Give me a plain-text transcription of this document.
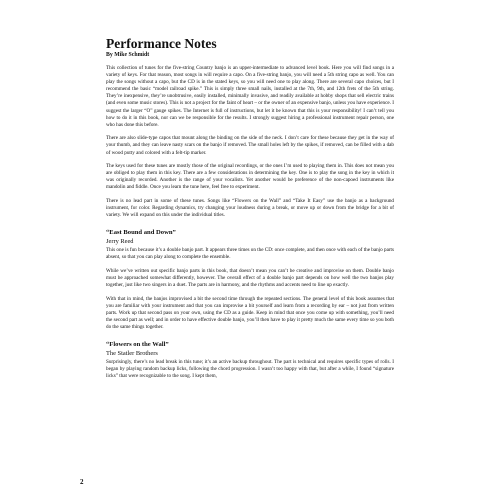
Performance Notes
By Mike Schmidt

This collection of tunes for the five-string Country banjo is an upper-intermediate to advanced level book. Here you will find songs in a variety of keys. For that reason, most songs in will require a capo. On a five-string banjo, you will need a 5th string capo as well. You can play the songs without a capo, but the CD is in the stated keys, so you will need one to play along. There are several capo choices, but I recommend the basic “model railroad spike.” This is simply three small nails, installed at the 7th, 9th, and 12th frets of the 5th string. They’re inexpensive, they’re unobtrusive, easily installed, minimally invasive, and readily available at hobby shops that sell electric trains (and even some music stores). This is not a project for the faint of heart – or the owner of an expensive banjo, unless you have experience. I suggest the larger “O” gauge spikes. The Internet is full of instructions, but let it be known that this is your responsibility! I can’t tell you how to do it in this book, nor can we be responsible for the results. I strongly suggest hiring a professional instrument repair person, one who has done this before.

There are also slide-type capos that mount along the binding on the side of the neck. I don’t care for these because they get in the way of your thumb, and they can leave nasty scars on the banjo if removed. The small holes left by the spikes, if removed, can be filled with a dab of wood putty and colored with a felt-tip marker.

The keys used for these tunes are mostly those of the original recordings, or the ones I’m used to playing them in. This does not mean you are obliged to play them in this key. There are a few considerations in determining the key. One is to play the song in the key in which it was originally recorded. Another is the range of your vocalists. Yet another would be preference of the non-capoed instruments like mandolin and fiddle. Once you learn the tune here, feel free to experiment.

There is no lead part in some of these tunes. Songs like “Flowers on the Wall” and “Take It Easy” use the banjo as a background instrument, for color. Regarding dynamics, try changing your loudness during a break, or move up or down from the bridge for a bit of variety. We will expand on this under the individual titles.

“East Bound and Down”
Jerry Reed

This one is fun because it’s a double banjo part. It appears three times on the CD: once complete, and then once with each of the banjo parts absent, so that you can play along to complete the ensemble.

While we’ve written out specific banjo parts in this book, that doesn’t mean you can’t be creative and improvise on them. Double banjo must be approached somewhat differently, however. The overall effect of a double banjo part depends on how well the two banjos play together, just like two singers in a duet. The parts are in harmony, and the rhythms and accents need to line up exactly.

With that in mind, the banjos improvised a bit the second time through the repeated sections. The general level of this book assumes that you are familiar with your instrument and that you can improvise a bit yourself and learn from a recording by ear – not just from written parts. Work up that second pass on your own, using the CD as a guide. Keep in mind that once you come up with something, you’ll need the second part as well; and in order to have effective double banjo, you’ll then have to play it pretty much the same every time so you both do the same things together.

“Flowers on the Wall”
The Statler Brothers

Surprisingly, there’s no lead break in this tune; it’s an active backup throughout. The part is technical and requires specific types of rolls. I began by playing random backup licks, following the chord progression. I wasn’t too happy with that, but after a while, I found “signature licks” that were recognizable to the song. I kept them,

2
